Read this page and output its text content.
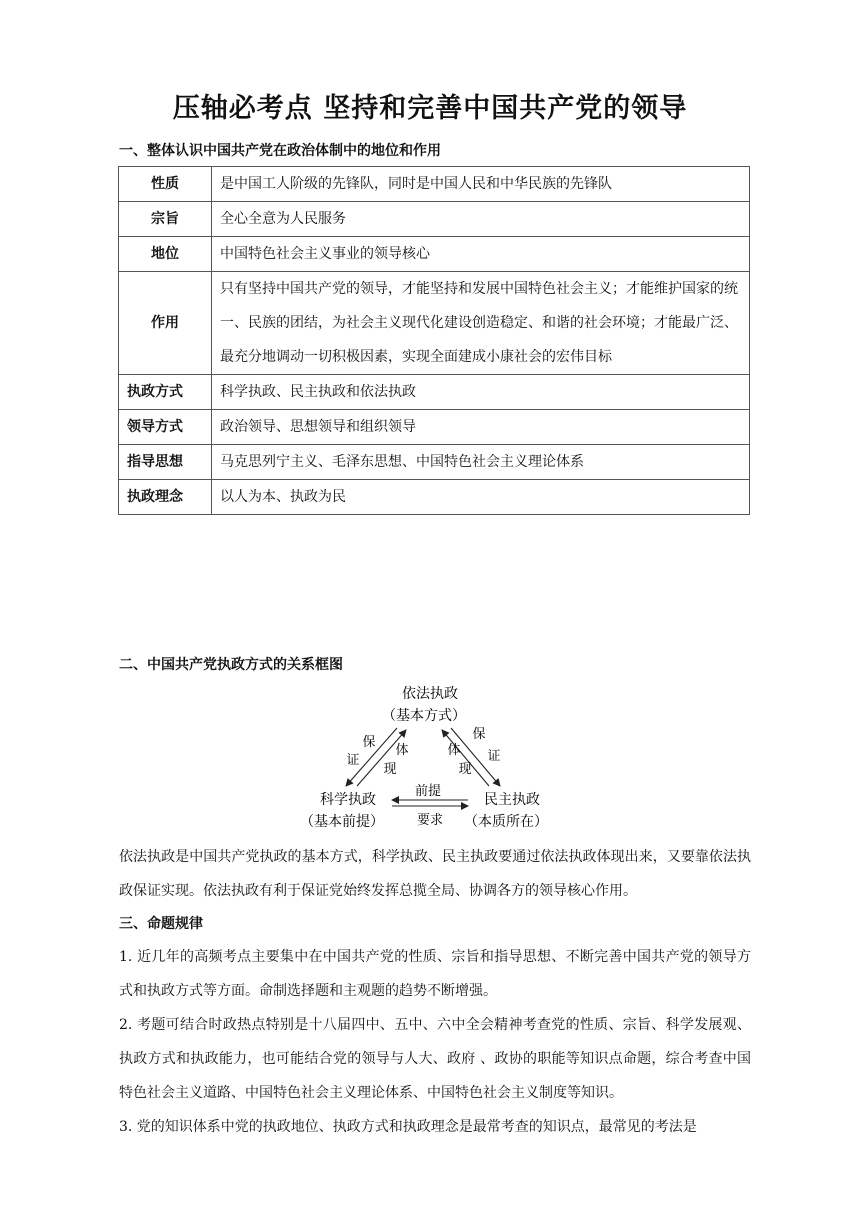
压轴必考点 坚持和完善中国共产党的领导
一、整体认识中国共产党在政治体制中的地位和作用
性质	是中国工人阶级的先锋队，同时是中国人民和中华民族的先锋队
宗旨	全心全意为人民服务
地位	中国特色社会主义事业的领导核心
作用	只有坚持中国共产党的领导，才能坚持和发展中国特色社会主义；才能维护国家的统一、民族的团结，为社会主义现代化建设创造稳定、和谐的社会环境；才能最广泛、最充分地调动一切积极因素，实现全面建成小康社会的宏伟目标
执政方式	科学执政、民主执政和依法执政
领导方式	政治领导、思想领导和组织领导
指导思想	马克思列宁主义、毛泽东思想、中国特色社会主义理论体系
执政理念	以人为本、执政为民
二、中国共产党执政方式的关系框图
依法执政
（基本方式）
科学执政
（基本前提）
民主执政
（本质所在）
保
证
体
现
保
证
体
现
前提
要求
依法执政是中国共产党执政的基本方式，科学执政、民主执政要通过依法执政体现出来，又要靠依法执政保证实现。依法执政有利于保证党始终发挥总揽全局、协调各方的领导核心作用。
三、命题规律
1. 近几年的高频考点主要集中在中国共产党的性质、宗旨和指导思想、不断完善中国共产党的领导方式和执政方式等方面。命制选择题和主观题的趋势不断增强。
2. 考题可结合时政热点特别是十八届四中、五中、六中全会精神考查党的性质、宗旨、科学发展观、执政方式和执政能力，也可能结合党的领导与人大、政府 、政协的职能等知识点命题，综合考查中国特色社会主义道路、中国特色社会主义理论体系、中国特色社会主义制度等知识。
3. 党的知识体系中党的执政地位、执政方式和执政理念是最常考查的知识点，最常见的考法是
